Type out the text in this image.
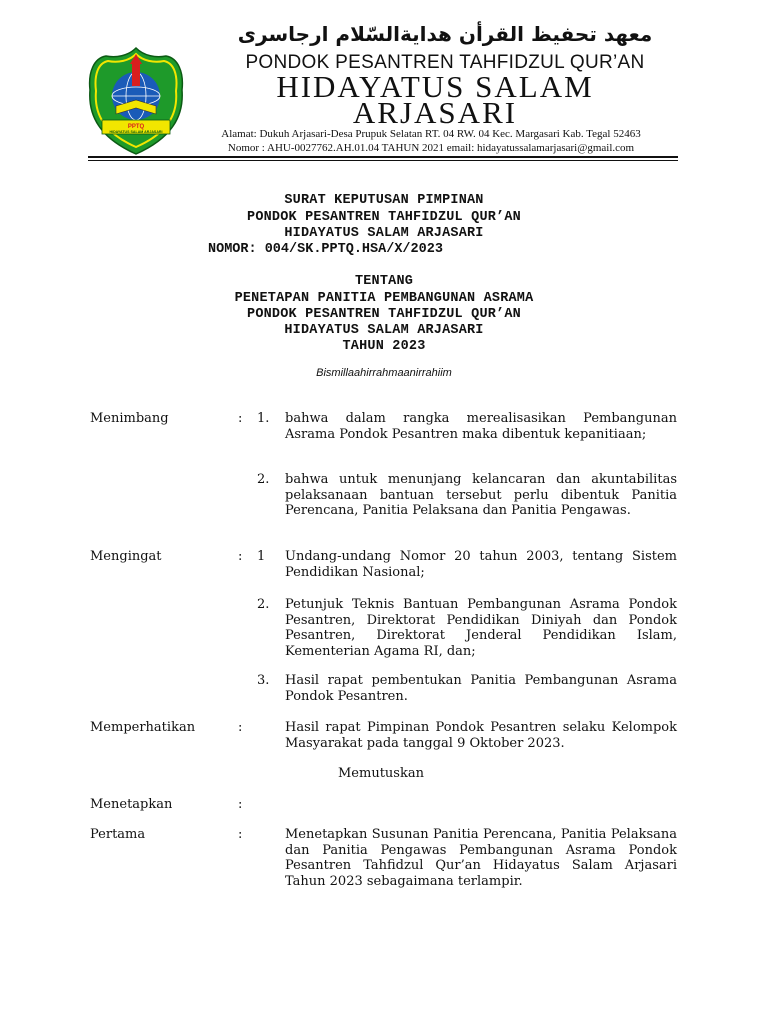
PPTQ
HIDAYATUS SALAM ARJASARI
معهد تحفيظ القرأن هدايةالسّلام ارجاسرى
PONDOK PESANTREN TAHFIDZUL QUR’AN
HIDAYATUS SALAM
ARJASARI
Alamat: Dukuh Arjasari-Desa Prupuk Selatan RT. 04 RW. 04 Kec. Margasari Kab. Tegal 52463
Nomor : AHU-0027762.AH.01.04 TAHUN 2021 email: hidayatussalamarjasari@gmail.com
SURAT KEPUTUSAN PIMPINAN
PONDOK PESANTREN TAHFIDZUL QUR’AN
HIDAYATUS SALAM ARJASARI
NOMOR: 004/SK.PPTQ.HSA/X/2023
TENTANG
PENETAPAN PANITIA PEMBANGUNAN ASRAMA
PONDOK PESANTREN TAHFIDZUL QUR’AN
HIDAYATUS SALAM ARJASARI
TAHUN 2023
Bismillaahirrahmaanirrahiim
Menimbang	: 1. bahwa dalam rangka merealisasikan Pembangunan Asrama Pondok Pesantren maka dibentuk kepanitiaan;
2. bahwa untuk menunjang kelancaran dan akuntabilitas pelaksanaan bantuan tersebut perlu dibentuk Panitia Perencana, Panitia Pelaksana dan Panitia Pengawas.
Mengingat	: 1 Undang-undang Nomor 20 tahun 2003, tentang Sistem Pendidikan Nasional;
2. Petunjuk Teknis Bantuan Pembangunan Asrama Pondok Pesantren, Direktorat Pendidikan Diniyah dan Pondok Pesantren, Direktorat Jenderal Pendidikan Islam, Kementerian Agama RI, dan;
3. Hasil rapat pembentukan Panitia Pembangunan Asrama Pondok Pesantren.
Memperhatikan	:	Hasil rapat Pimpinan Pondok Pesantren selaku Kelompok Masyarakat pada tanggal 9 Oktober 2023.
Memutuskan
Menetapkan	:
Pertama	:	Menetapkan Susunan Panitia Perencana, Panitia Pelaksana dan Panitia Pengawas Pembangunan Asrama Pondok Pesantren Tahfidzul Qur’an Hidayatus Salam Arjasari Tahun 2023 sebagaimana terlampir.
